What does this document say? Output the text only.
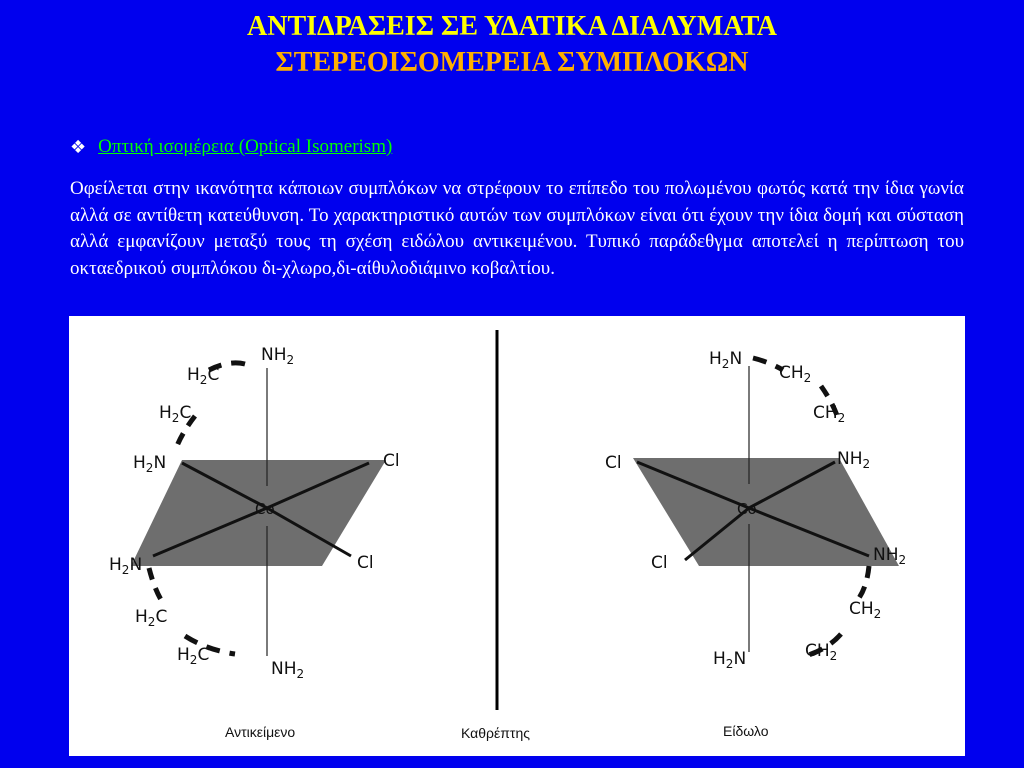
ΑΝΤΙΔΡΑΣΕΙΣ ΣΕ ΥΔΑΤΙΚΑ ΔΙΑΛΥΜΑΤΑ
ΣΤΕΡΕΟΙΣΟΜΕΡΕΙΑ ΣΥΜΠΛΟΚΩΝ
❖ Οπτική ισομέρεια (Optical Isomerism)

Οφείλεται στην ικανότητα κάποιων συμπλόκων να στρέφουν το επίπεδο του πολωμένου φωτός κατά την ίδια γωνία αλλά σε αντίθετη κατεύθυνση. Το χαρακτηριστικό αυτών των συμπλόκων είναι ότι έχουν την ίδια δομή και σύσταση αλλά εμφανίζουν μεταξύ τους τη σχέση ειδώλου αντικειμένου. Τυπικό παράδεθγμα αποτελεί η περίπτωση του οκταεδρικού συμπλόκου δι-χλωρο,δι-αίθυλοδιάμινο κοβαλτίου.

Co
$NH_2$
$H_2C$
$H_2C$
$H_2N$	Cl
$H_2N$	Cl
$H_2C$
$H_2C$
$NH_2$
Αντικείμενο	Καθρέπτης
Co
$H_2N$
$CH_2$
$CH_2$
$NH_2$
Cl
Cl	$NH_2$
$CH_2$
$CH_2$
$H_2N$
Είδωλο
